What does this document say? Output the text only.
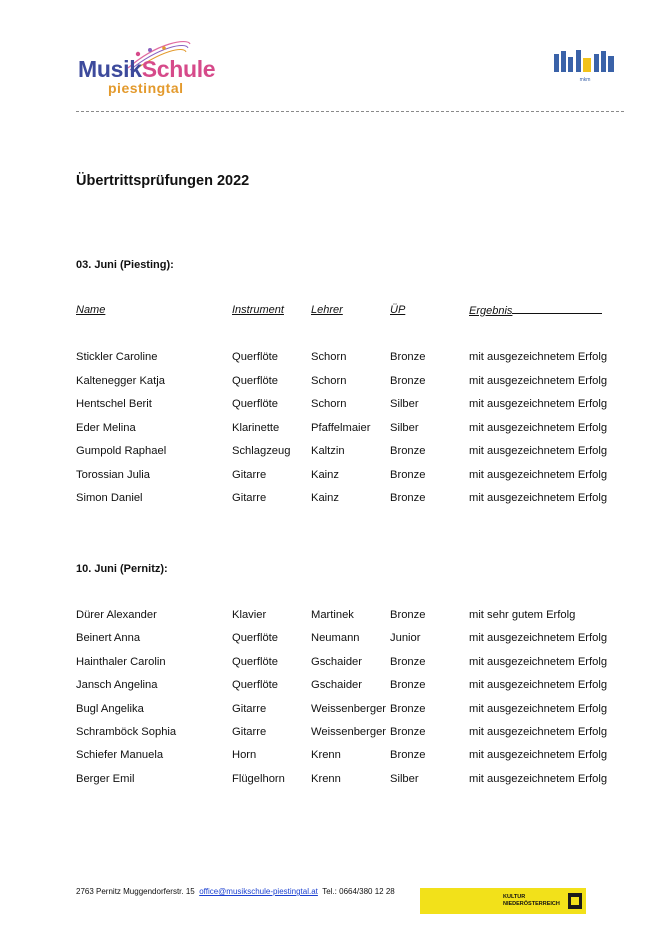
MusikSchule
piestingtal	mkm
Übertrittsprüfungen 2022
03. Juni (Piesting):
Name	Instrument Lehrer	ÜP	Ergebnis
Stickler Caroline	Querflöte	Schorn	Bronze	mit ausgezeichnetem Erfolg
Kaltenegger Katja	Querflöte	Schorn	Bronze	mit ausgezeichnetem Erfolg
Hentschel Berit	Querflöte	Schorn	Silber	mit ausgezeichnetem Erfolg
Eder Melina	Klarinette	Pfaffelmaier Silber	mit ausgezeichnetem Erfolg
Gumpold Raphael	Schlagzeug Kaltzin	Bronze	mit ausgezeichnetem Erfolg
Torossian Julia	Gitarre	Kainz	Bronze	mit ausgezeichnetem Erfolg
Simon Daniel	Gitarre	Kainz	Bronze	mit ausgezeichnetem Erfolg
10. Juni (Pernitz):
Dürer Alexander	Klavier	Martinek	Bronze	mit sehr gutem Erfolg
Beinert Anna	Querflöte	Neumann	Junior	mit ausgezeichnetem Erfolg
Hainthaler Carolin	Querflöte	Gschaider	Bronze	mit ausgezeichnetem Erfolg
Jansch Angelina	Querflöte	Gschaider	Bronze	mit ausgezeichnetem Erfolg
Bugl Angelika	Gitarre	Weissenberger Bronze	mit ausgezeichnetem Erfolg
Schramböck Sophia	Gitarre	Weissenberger Bronze	mit ausgezeichnetem Erfolg
Schiefer Manuela	Horn	Krenn	Bronze	mit ausgezeichnetem Erfolg
Berger Emil	Flügelhorn Krenn	Silber	mit ausgezeichnetem Erfolg
2763 Pernitz Muggendorferstr. 15 office@musikschule-piestingtal.at Tel.: 0664/380 12 28
KULTUR
NIEDERÖSTERREICH
